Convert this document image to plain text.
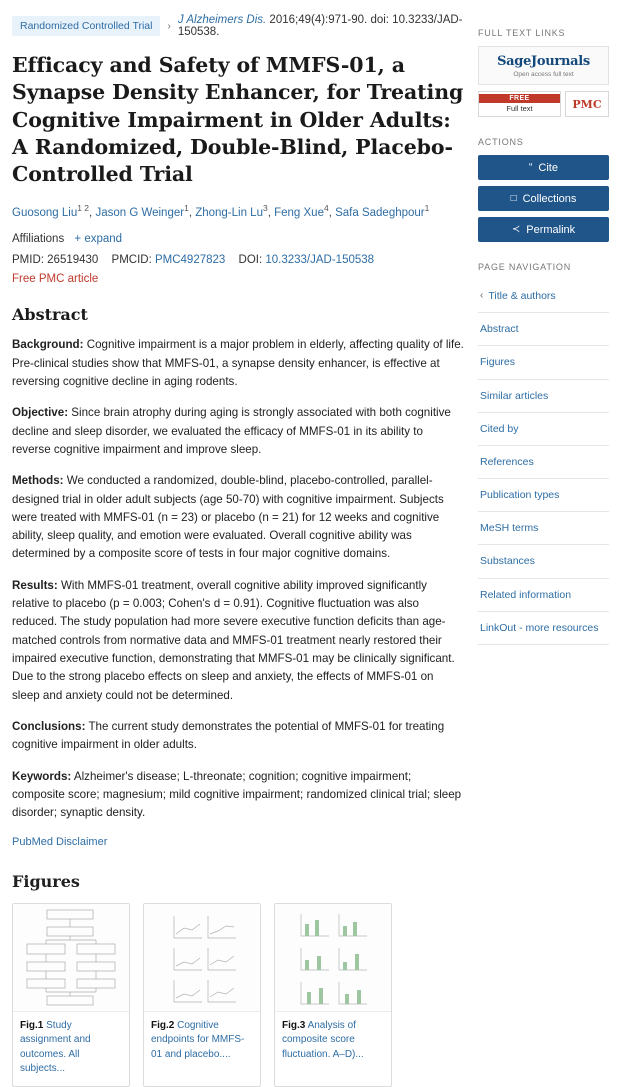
Randomized Controlled Trial	› J Alzheimers Dis. 2016;49(4):971-90. doi: 10.3233/JAD-150538.
Efficacy and Safety of MMFS-01, a Synapse Density Enhancer, for Treating Cognitive Impairment in Older Adults: A Randomized, Double-Blind, Placebo-Controlled Trial
Guosong Liu$^{1 2}$, Jason G Weinger$^1$, Zhong-Lin Lu$^3$, Feng Xue$^4$, Safa Sadeghpour$^1$
Affiliations + expand
PMID: 26519430 PMCID: PMC4927823 DOI: 10.3233/JAD-150538
Free PMC article
Abstract

Background: Cognitive impairment is a major problem in elderly, affecting quality of life. Pre-clinical studies show that MMFS-01, a synapse density enhancer, is effective at reversing cognitive decline in aging rodents.

Objective: Since brain atrophy during aging is strongly associated with both cognitive decline and sleep disorder, we evaluated the efficacy of MMFS-01 in its ability to reverse cognitive impairment and improve sleep.

Methods: We conducted a randomized, double-blind, placebo-controlled, parallel-designed trial in older adult subjects (age 50-70) with cognitive impairment. Subjects were treated with MMFS-01 (n = 23) or placebo (n = 21) for 12 weeks and cognitive ability, sleep quality, and emotion were evaluated. Overall cognitive ability was determined by a composite score of tests in four major cognitive domains.

Results: With MMFS-01 treatment, overall cognitive ability improved significantly relative to placebo (p = 0.003; Cohen's d = 0.91). Cognitive fluctuation was also reduced. The study population had more severe executive function deficits than age-matched controls from normative data and MMFS-01 treatment nearly restored their impaired executive function, demonstrating that MMFS-01 may be clinically significant. Due to the strong placebo effects on sleep and anxiety, the effects of MMFS-01 on sleep and anxiety could not be determined.

Conclusions: The current study demonstrates the potential of MMFS-01 for treating cognitive impairment in older adults.

Keywords: Alzheimer's disease; L-threonate; cognition; cognitive impairment; composite score; magnesium; mild cognitive impairment; randomized clinical trial; sleep disorder; synaptic density.

PubMed Disclaimer
Figures
Fig.1 Study assignment and outcomes. All subjects...
Fig.2 Cognitive endpoints for MMFS-01 and placebo....
Fig.3 Analysis of composite score fluctuation. A–D)...
FULL TEXT LINKS
SageJournals
Open access full text
FREE
Full text	PMC
ACTIONS
“ Cite
□ Collections
≺ Permalink
PAGE NAVIGATION
‹ Title & authors
Abstract
Figures
Similar articles
Cited by
References
Publication types
MeSH terms
Substances
Related information
LinkOut - more resources
